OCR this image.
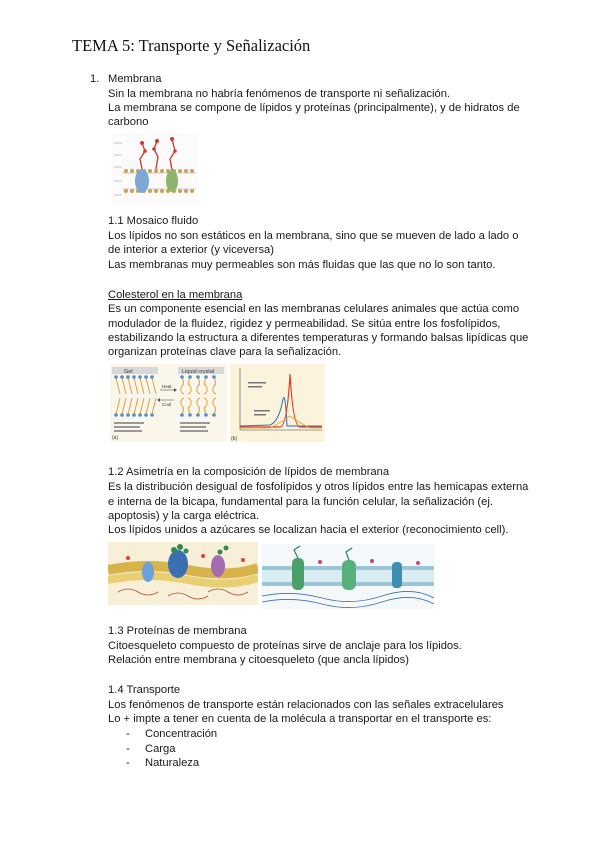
TEMA 5: Transporte y Señalización
1. Membrana

Sin la membrana no habría fenómenos de transporte ni señalización.

La membrana se compone de lípidos y proteínas (principalmente), y de hidratos de

carbono

1.1 Mosaico fluido

Los lípidos no son estáticos en la membrana, sino que se mueven de lado a lado o

de interior a exterior (y viceversa)

Las membranas muy permeables son más fluidas que las que no lo son tanto.

Colesterol en la membrana

Es un componente esencial en las membranas celulares animales que actúa como

modulador de la fluidez, rigidez y permeabilidad. Se sitúa entre los fosfolípidos,

estabilizando la estructura a diferentes temperaturas y formando balsas lipídicas que

organizan proteínas clave para la señalización.

Gel	Liquid crystal
Heat
Cool
(a)	(b)

1.2 Asimetría en la composición de lípidos de membrana

Es la distribución desigual de fosfolípidos y otros lípidos entre las hemicapas externa

e interna de la bicapa, fundamental para la función celular, la señalización (ej.

apoptosis) y la carga eléctrica.

Los lípidos unidos a azúcares se localizan hacia el exterior (reconocimiento cell).

1.3 Proteínas de membrana

Citoesqueleto compuesto de proteínas sirve de anclaje para los lípidos.

Relación entre membrana y citoesqueleto (que ancla lípidos)

1.4 Transporte

Los fenómenos de transporte están relacionados con las señales extracelulares

Lo + impte a tener en cuenta de la molécula a transportar en el transporte es:

- Concentración
- Carga
- Naturaleza
